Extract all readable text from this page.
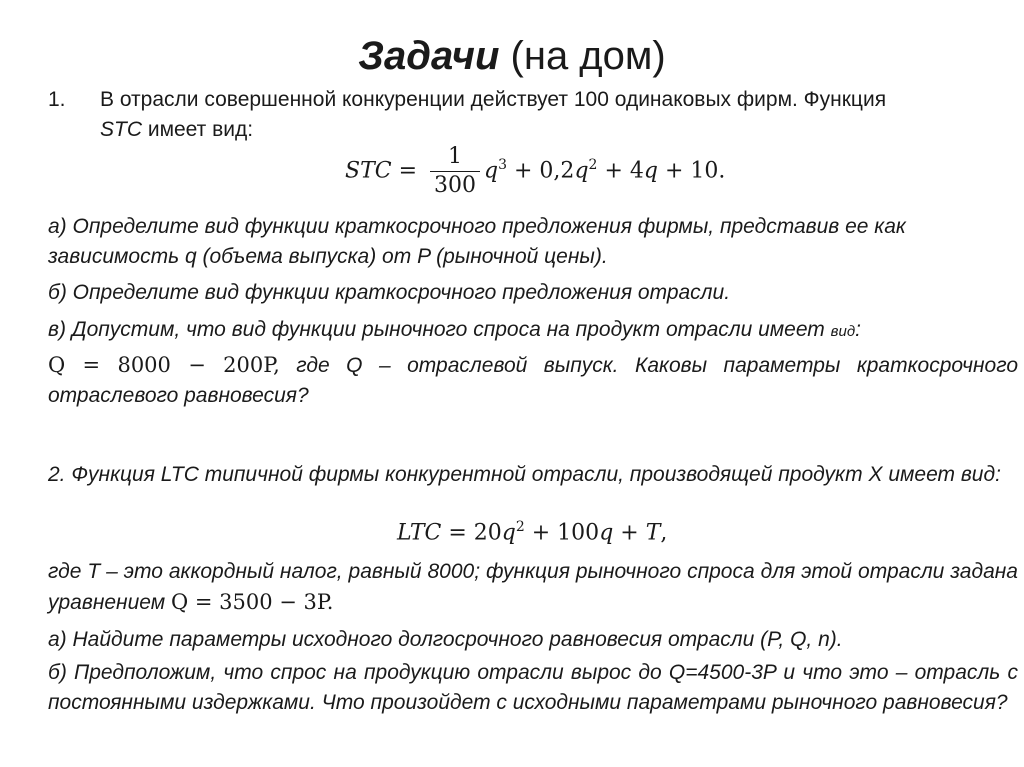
Задачи (на дом)
1. В отрасли совершенной конкуренции действует 100 одинаковых фирм. Функция
STC имеет вид:
STC = $\frac{1}{300} q^3 + 0,2q^2 + 4q + 10$.
а) Определите вид функции краткосрочного предложения фирмы, представив ее как зависимость q (объема выпуска) от P (рыночной цены).
б) Определите вид функции краткосрочного предложения отрасли.
в) Допустим, что вид функции рыночного спроса на продукт отрасли имеет вид:
Q = 8000 − 200P, где Q – отраслевой выпуск. Каковы параметры краткосрочного отраслевого равновесия?
2. Функция LTC типичной фирмы конкурентной отрасли, производящей продукт X имеет вид:
LTC = $20q^2 + 100q + T$,
где T – это аккордный налог, равный 8000; функция рыночного спроса для этой отрасли задана уравнением Q = 3500 − 3P.
а) Найдите параметры исходного долгосрочного равновесия отрасли (P, Q, n).
б) Предположим, что спрос на продукцию отрасли вырос до Q=4500-3P и что это – отрасль с постоянными издержками. Что произойдет с исходными параметрами рыночного равновесия?
